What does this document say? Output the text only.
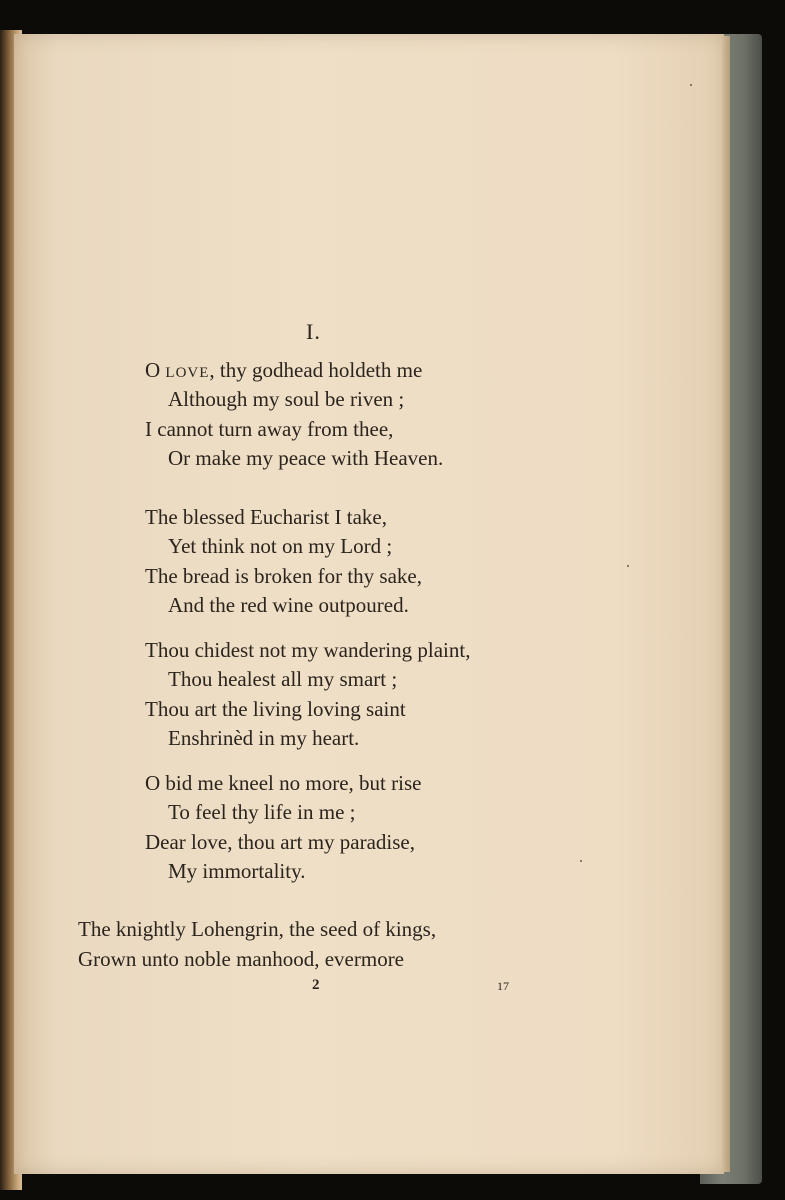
I.
O love, thy godhead holdeth me
Although my soul be riven ;
I cannot turn away from thee,
Or make my peace with Heaven.
The blessed Eucharist I take,
Yet think not on my Lord ;
The bread is broken for thy sake,
And the red wine outpoured.
Thou chidest not my wandering plaint,
Thou healest all my smart ;
Thou art the living loving saint
Enshrinèd in my heart.
O bid me kneel no more, but rise
To feel thy life in me ;
Dear love, thou art my paradise,
My immortality.
The knightly Lohengrin, the seed of kings,
Grown unto noble manhood, evermore
2	17
